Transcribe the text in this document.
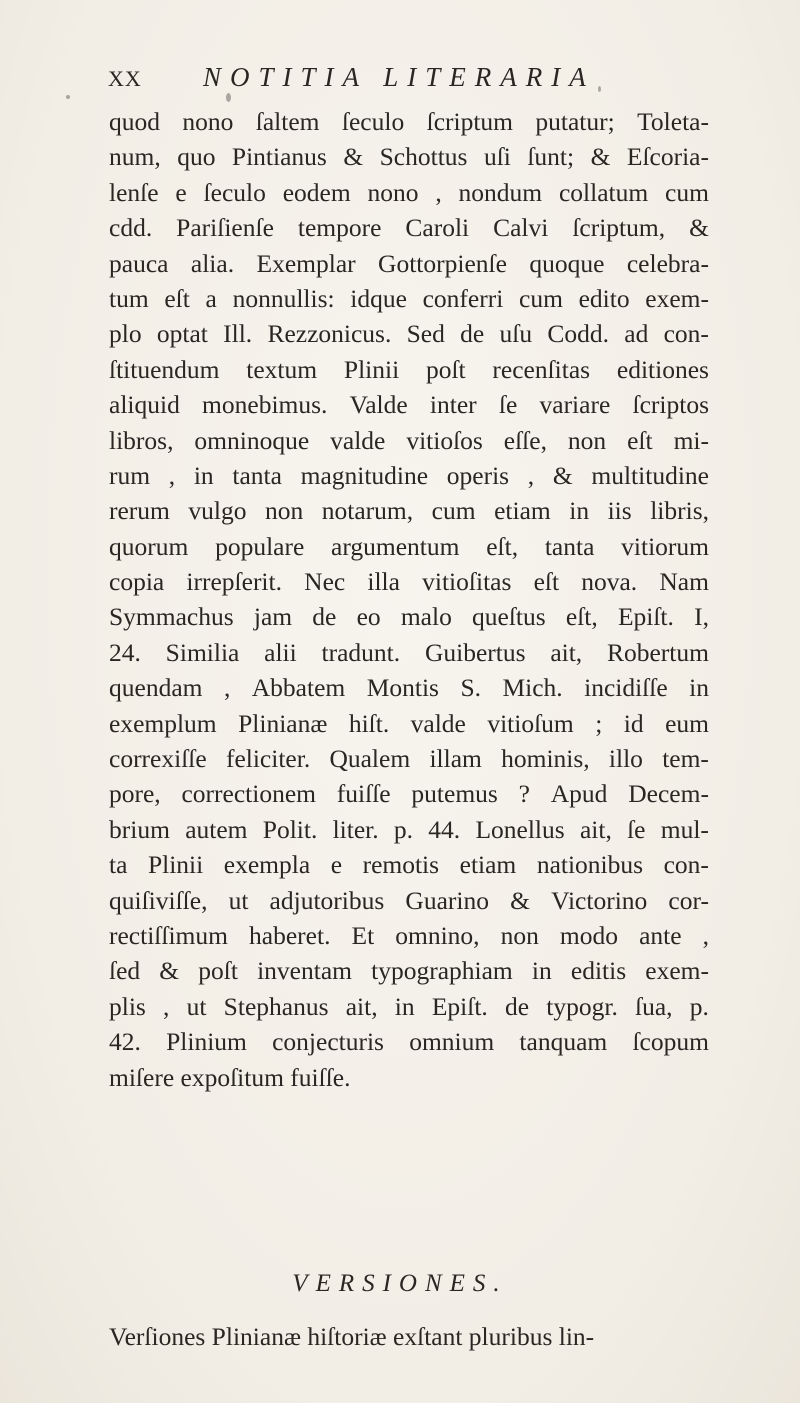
XX	NOTITIA LITERARIA
quod nono ſaltem ſeculo ſcriptum putatur; Toleta-
num, quo Pintianus & Schottus uſi ſunt; & Eſcoria-
lenſe e ſeculo eodem nono , nondum collatum cum
cdd. Pariſienſe tempore Caroli Calvi ſcriptum, &
pauca alia. Exemplar Gottorpienſe quoque celebra-
tum eſt a nonnullis: idque conferri cum edito exem-
plo optat Ill. Rezzonicus. Sed de uſu Codd. ad con-
ſtituendum textum Plinii poſt recenſitas editiones
aliquid monebimus. Valde inter ſe variare ſcriptos
libros, omninoque valde vitioſos eſſe, non eſt mi-
rum , in tanta magnitudine operis , & multitudine
rerum vulgo non notarum, cum etiam in iis libris,
quorum populare argumentum eſt, tanta vitiorum
copia irrepſerit. Nec illa vitioſitas eſt nova. Nam
Symmachus jam de eo malo queſtus eſt, Epiſt. I,
24. Similia alii tradunt. Guibertus ait, Robertum
quendam , Abbatem Montis S. Mich. incidiſſe in
exemplum Plinianæ hiſt. valde vitioſum ; id eum
correxiſſe feliciter. Qualem illam hominis, illo tem-
pore, correctionem fuiſſe putemus ? Apud Decem-
brium autem Polit. liter. p. 44. Lonellus ait, ſe mul-
ta Plinii exempla e remotis etiam nationibus con-
quiſiviſſe, ut adjutoribus Guarino & Victorino cor-
rectiſſimum haberet. Et omnino, non modo ante ,
ſed & poſt inventam typographiam in editis exem-
plis , ut Stephanus ait, in Epiſt. de typogr. ſua, p.
42. Plinium conjecturis omnium tanquam ſcopum
miſere expoſitum fuiſſe.
VERSIONES.
Verſiones Plinianæ hiſtoriæ exſtant pluribus lin-
